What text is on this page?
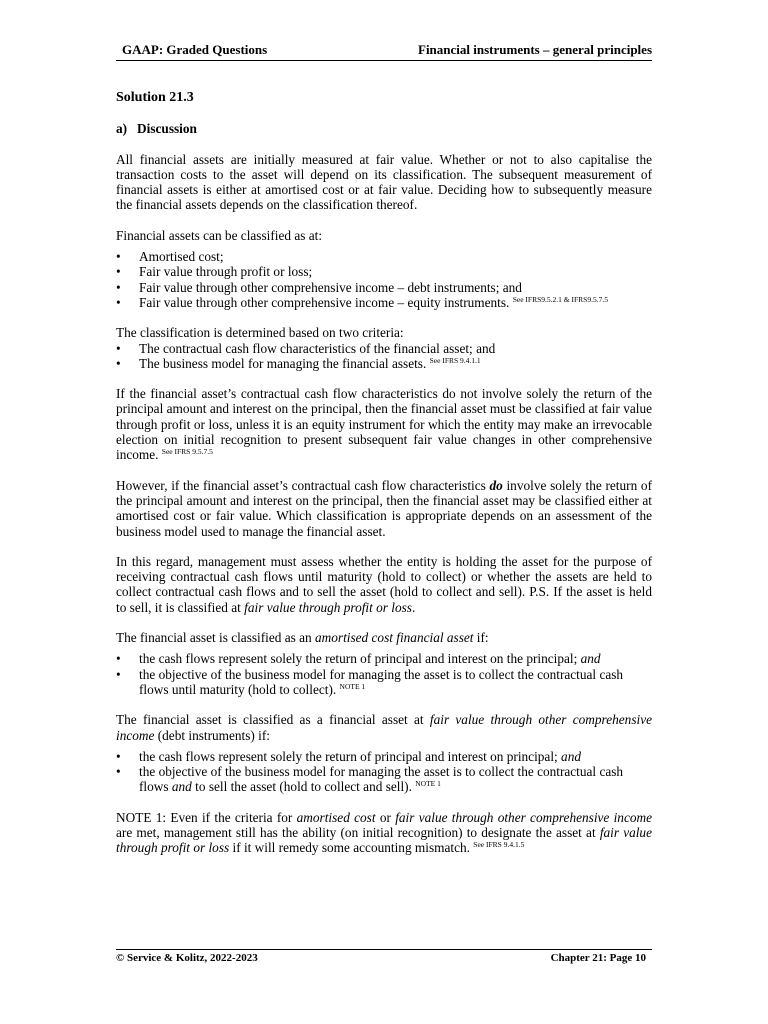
GAAP: Graded Questions	Financial instruments – general principles
Solution 21.3
a)   Discussion

All financial assets are initially measured at fair value. Whether or not to also capitalise the transaction costs to the asset will depend on its classification. The subsequent measurement of financial assets is either at amortised cost or at fair value. Deciding how to subsequently measure the financial assets depends on the classification thereof.

Financial assets can be classified as at:

• Amortised cost;
• Fair value through profit or loss;
• Fair value through other comprehensive income – debt instruments; and
• Fair value through other comprehensive income – equity instruments. $^{See IFRS9.5.2.1 \& IFRS9.5.7.5}$

The classification is determined based on two criteria:

• The contractual cash flow characteristics of the financial asset; and
• The business model for managing the financial assets. $^{See IFRS 9.4.1.1}$

If the financial asset’s contractual cash flow characteristics do not involve solely the return of the principal amount and interest on the principal, then the financial asset must be classified at fair value through profit or loss, unless it is an equity instrument for which the entity may make an irrevocable election on initial recognition to present subsequent fair value changes in other comprehensive income. $^{See IFRS 9.5.7.5}$

However, if the financial asset’s contractual cash flow characteristics do involve solely the return of the principal amount and interest on the principal, then the financial asset may be classified either at amortised cost or fair value. Which classification is appropriate depends on an assessment of the business model used to manage the financial asset.

In this regard, management must assess whether the entity is holding the asset for the purpose of receiving contractual cash flows until maturity (hold to collect) or whether the assets are held to collect contractual cash flows and to sell the asset (hold to collect and sell). P.S. If the asset is held to sell, it is classified at fair value through profit or loss.

The financial asset is classified as an amortised cost financial asset if:

• the cash flows represent solely the return of principal and interest on the principal; and
• the objective of the business model for managing the asset is to collect the contractual cash flows until maturity (hold to collect). $^{NOTE 1}$

The financial asset is classified as a financial asset at fair value through other comprehensive income (debt instruments) if:

• the cash flows represent solely the return of principal and interest on principal; and
• the objective of the business model for managing the asset is to collect the contractual cash flows and to sell the asset (hold to collect and sell). $^{NOTE 1}$

NOTE 1: Even if the criteria for amortised cost or fair value through other comprehensive income are met, management still has the ability (on initial recognition) to designate the asset at fair value through profit or loss if it will remedy some accounting mismatch. $^{See IFRS 9.4.1.5}$

© Service & Kolitz, 2022-2023	Chapter 21: Page 10
